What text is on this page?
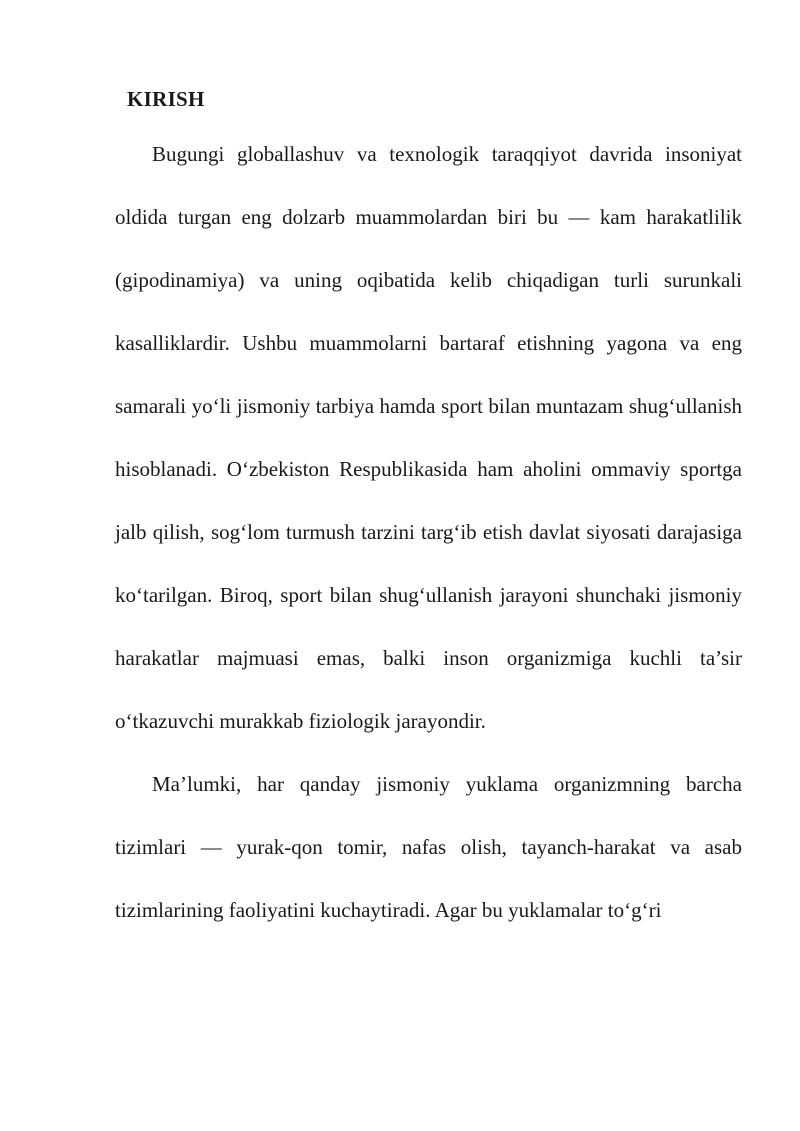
KIRISH

Bugungi globallashuv va texnologik taraqqiyot davrida insoniyat oldida turgan eng dolzarb muammolardan biri bu — kam harakatlilik (gipodinamiya) va uning oqibatida kelib chiqadigan turli surunkali kasalliklardir. Ushbu muammolarni bartaraf etishning yagona va eng samarali yo‘li jismoniy tarbiya hamda sport bilan muntazam shug‘ullanish hisoblanadi. O‘zbekiston Respublikasida ham aholini ommaviy sportga jalb qilish, sog‘lom turmush tarzini targ‘ib etish davlat siyosati darajasiga ko‘tarilgan. Biroq, sport bilan shug‘ullanish jarayoni shunchaki jismoniy harakatlar majmuasi emas, balki inson organizmiga kuchli ta’sir o‘tkazuvchi murakkab fiziologik jarayondir.

Ma’lumki, har qanday jismoniy yuklama organizmning barcha tizimlari — yurak-qon tomir, nafas olish, tayanch-harakat va asab tizimlarining faoliyatini kuchaytiradi. Agar bu yuklamalar to‘g‘ri
